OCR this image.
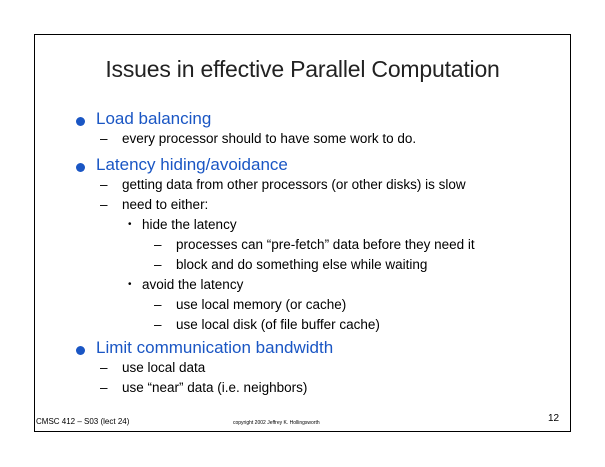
Issues in effective Parallel Computation
Load balancing
– every processor should to have some work to do.
Latency hiding/avoidance
– getting data from other processors (or other disks) is slow
– need to either:
• hide the latency
– processes can “pre-fetch” data before they need it
– block and do something else while waiting
• avoid the latency
– use local memory (or cache)
– use local disk (of file buffer cache)
Limit communication bandwidth
– use local data
– use “near” data (i.e. neighbors)
CMSC 412 – S03 (lect 24)	copyright 2002 Jeffrey K. Hollingsworth	12
